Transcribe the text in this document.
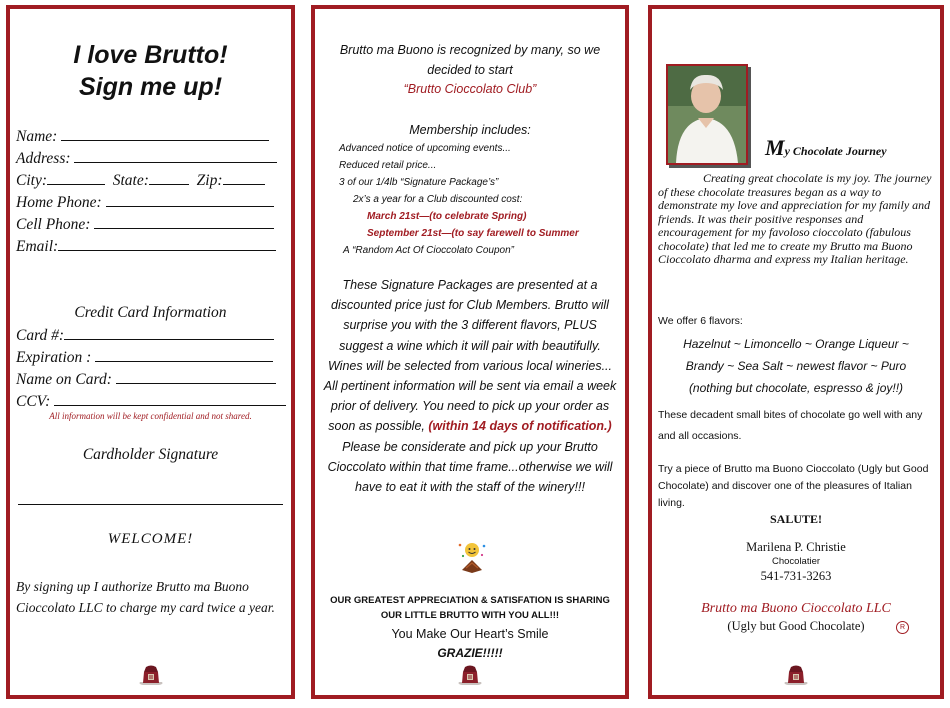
I love Brutto!
Sign me up!
Name:
Address:
City:	State:	Zip:
Home Phone:
Cell Phone:
Email:
Credit Card Information
Card #:
Expiration :
Name on Card:
CCV:
All information will be kept confidential and not shared.
Cardholder Signature
WELCOME!
By signing up I authorize Brutto ma Buono Cioccolato LLC to charge my card twice a year.
Brutto ma Buono is recognized by many, so we decided to start
“Brutto Cioccolato Club”
Membership includes:
Advanced notice of upcoming events...
Reduced retail price...
3 of our 1/4lb “Signature Package’s”
2x’s a year for a Club discounted cost:
March 21st—(to celebrate Spring)
September 21st—(to say farewell to Summer
A “Random Act Of Cioccolato Coupon”
These Signature Packages are presented at a discounted price just for Club Members. Brutto will surprise you with the 3 different flavors, PLUS suggest a wine which it will pair with beautifully. Wines will be selected from various local wineries... All pertinent information will be sent via email a week prior of delivery. You need to pick up your order as soon as possible, (within 14 days of notification.) Please be considerate and pick up your Brutto Cioccolato within that time frame...otherwise we will have to eat it with the staff of the winery!!!
OUR GREATEST APPRECIATION & SATISFATION IS SHARING OUR LITTLE BRUTTO WITH YOU ALL!!!
You Make Our Heart’s Smile
GRAZIE!!!!!
My Chocolate Journey
Creating great chocolate is my joy. The journey of these chocolate treasures began as a way to demonstrate my love and appreciation for my family and friends. It was their positive responses and encouragement for my favoloso cioccolato (fabulous chocolate) that led me to create my Brutto ma Buono Cioccolato dharma and express my Italian heritage.
We offer 6 flavors:
Hazelnut ~ Limoncello ~ Orange Liqueur ~
Brandy ~ Sea Salt ~ newest flavor ~ Puro
(nothing but chocolate, espresso & joy!!)
These decadent small bites of chocolate go well with any and all occasions.
Try a piece of Brutto ma Buono Cioccolato (Ugly but Good Chocolate) and discover one of the pleasures of Italian living.
SALUTE!
Marilena P. Christie
Chocolatier
541-731-3263
Brutto ma Buono Cioccolato LLC
(Ugly but Good Chocolate)	R
